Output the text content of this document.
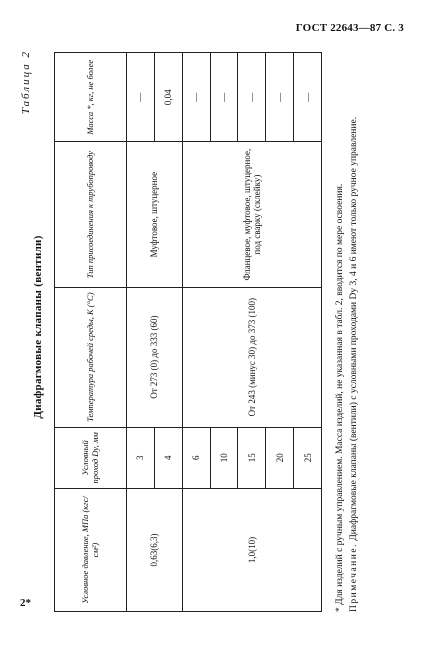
ГОСТ 22643—87 С. 3
2*
Таблица 2
Диафрагмовые клапаны (вентили)
Условное давление, МПа (кгс/см²)	Условный проход Dу, мм	Температура рабочей среды, К (°С)	Тип присоединения к трубопроводу	Масса *, кг, не более
0,63(6,3)	3	От 273 (0) до 333 (60)	Муфтовое, штуцерное	—
	4			0,04
1,0(10)	6	От 243 (минус 30) до 373 (100)	Фланцевое, муфтовое, штуцерное, под сварку (склейку)	—
	10			—
	15			—
	20			—
	25			—

* Для изделий с ручным управлением. Масса изделий, не указанная в табл. 2, вводится по мере освоения. Примечание. Диафрагмовые клапаны (вентили) с условными проходами Dу 3, 4 и 6 имеют только ручное управление.
